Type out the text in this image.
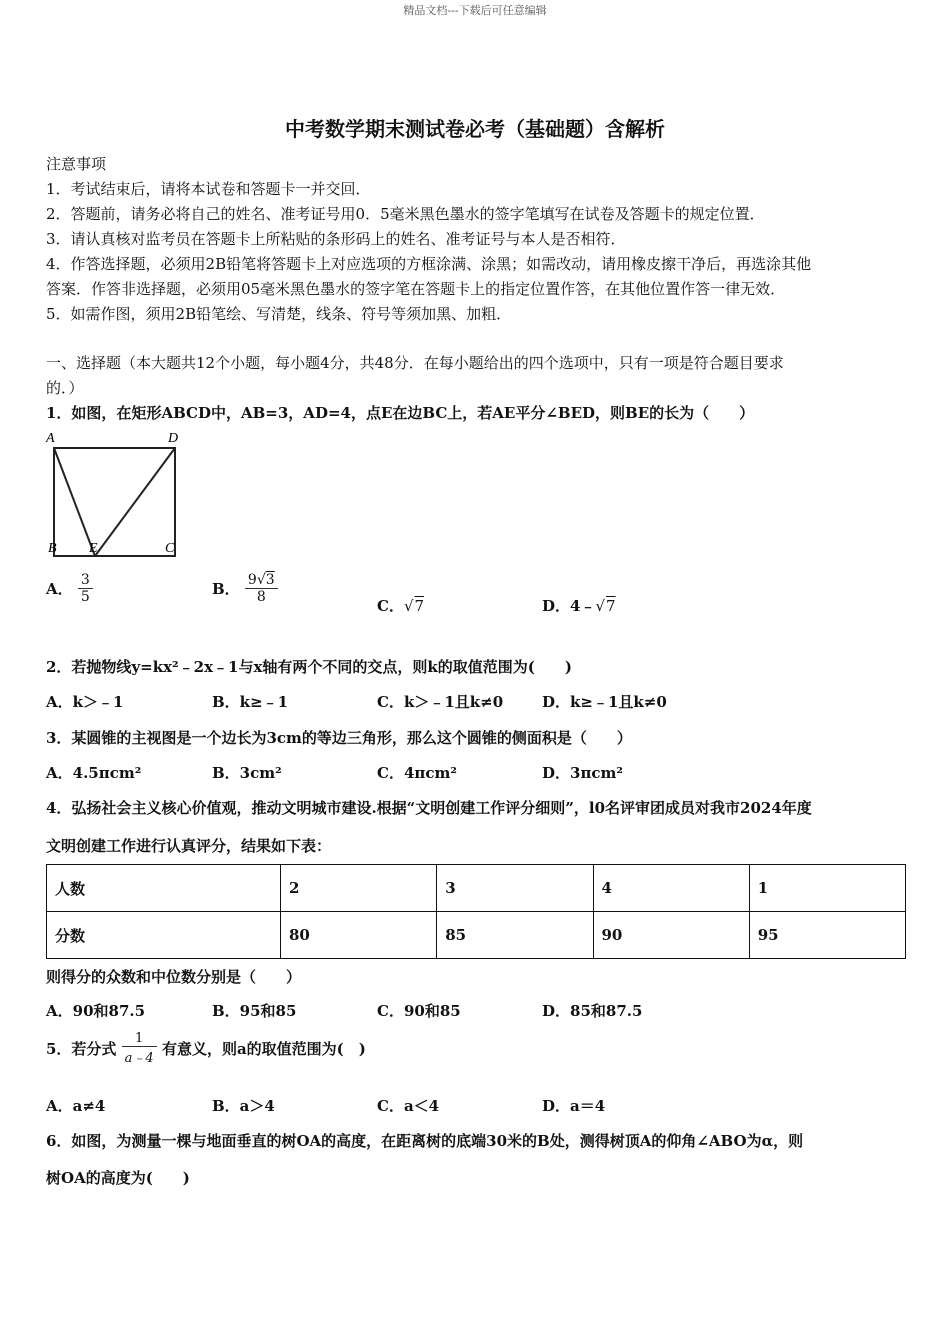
精品文档---下载后可任意编辑
中考数学期末测试卷必考（基础题）含解析
注意事项
1．考试结束后，请将本试卷和答题卡一并交回．
2．答题前，请务必将自己的姓名、准考证号用0．5毫米黑色墨水的签字笔填写在试卷及答题卡的规定位置．
3．请认真核对监考员在答题卡上所粘贴的条形码上的姓名、准考证号与本人是否相符．
4．作答选择题，必须用2B铅笔将答题卡上对应选项的方框涂满、涂黑；如需改动，请用橡皮擦干净后，再选涂其他
答案．作答非选择题，必须用05毫米黑色墨水的签字笔在答题卡上的指定位置作答，在其他位置作答一律无效．
5．如需作图，须用2B铅笔绘、写清楚，线条、符号等须加黑、加粗．
一、选择题（本大题共12个小题，每小题4分，共48分．在每小题给出的四个选项中，只有一项是符合题目要求
的．）
1．如图，在矩形ABCD中，AB=3，AD=4，点E在边BC上，若AE平分∠BED，则BE的长为（　　）
A	D
B E	C
A． $\frac{3}{5}$	B． $\frac{9√3}{8}$
C．√7	D．4﹣√7
2．若抛物线y=kx²﹣2x﹣1与x轴有两个不同的交点，则k的取值范围为(　　)
A．k＞﹣1	B．k≥﹣1	C．k＞﹣1且k≠0	D．k≥﹣1且k≠0
3．某圆锥的主视图是一个边长为3cm的等边三角形，那么这个圆锥的侧面积是（　　）
A．4.5πcm²	B．3cm²	C．4πcm²	D．3πcm²
4．弘扬社会主义核心价值观，推动文明城市建设.根据“文明创建工作评分细则”，l0名评审团成员对我市2024年度
文明创建工作进行认真评分，结果如下表：
人数	2	3	4	1
分数	80	85	90	95
则得分的众数和中位数分别是（　　）
A．90和87.5	B．95和85	C．90和85	D．85和87.5
5．若分式 $\frac{1}{a﹣4}$ 有意义，则a的取值范围为(　)
A．a≠4	B．a＞4	C．a＜4	D．a＝4
6．如图，为测量一棵与地面垂直的树OA的高度，在距离树的底端30米的B处，测得树顶A的仰角∠ABO为α，则
树OA的高度为(　　)
